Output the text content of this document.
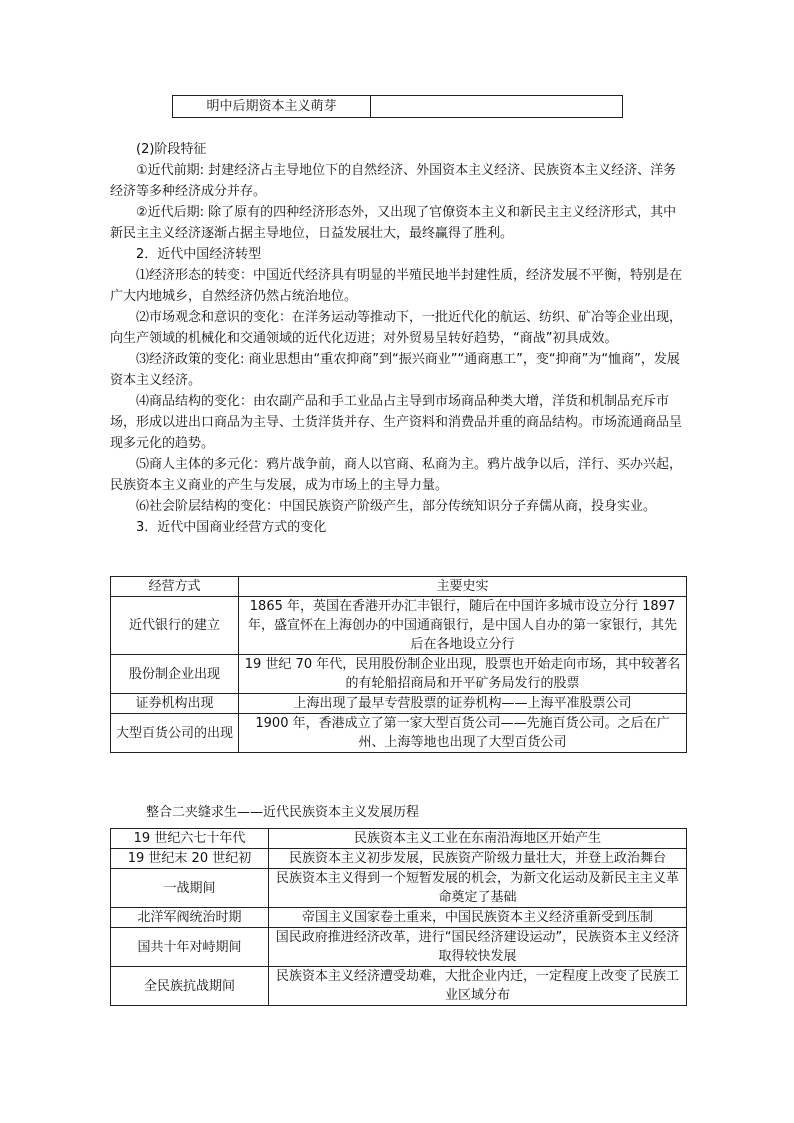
明中后期资本主义萌芽	

(2)阶段特征

①近代前期: 封建经济占主导地位下的自然经济、外国资本主义经济、民族资本主义经济、洋务经济等多种经济成分并存。

②近代后期: 除了原有的四种经济形态外，又出现了官僚资本主义和新民主主义经济形式，其中新民主主义经济逐渐占据主导地位，日益发展壮大，最终赢得了胜利。

2．近代中国经济转型

⑴经济形态的转变：中国近代经济具有明显的半殖民地半封建性质，经济发展不平衡，特别是在广大内地城乡，自然经济仍然占统治地位。

⑵市场观念和意识的变化：在洋务运动等推动下，一批近代化的航运、纺织、矿冶等企业出现，向生产领域的机械化和交通领域的近代化迈进；对外贸易呈转好趋势，“商战”初具成效。

⑶经济政策的变化: 商业思想由“重农抑商”到“振兴商业”“通商惠工”，变“抑商”为“恤商”，发展资本主义经济。

⑷商品结构的变化：由农副产品和手工业品占主导到市场商品种类大增，洋货和机制品充斥市场，形成以进出口商品为主导、土货洋货并存、生产资料和消费品并重的商品结构。市场流通商品呈现多元化的趋势。

⑸商人主体的多元化：鸦片战争前，商人以官商、私商为主。鸦片战争以后，洋行、买办兴起，民族资本主义商业的产生与发展，成为市场上的主导力量。

⑹社会阶层结构的变化：中国民族资产阶级产生，部分传统知识分子弃儒从商，投身实业。

3．近代中国商业经营方式的变化

经营方式	主要史实
近代银行的建立	1865 年，英国在香港开办汇丰银行，随后在中国许多城市设立分行 1897 年，盛宣怀在上海创办的中国通商银行，是中国人自办的第一家银行，其先后在各地设立分行
股份制企业出现	19 世纪 70 年代，民用股份制企业出现，股票也开始走向市场，其中较著名的有轮船招商局和开平矿务局发行的股票
证券机构出现	上海出现了最早专营股票的证券机构——上海平准股票公司
大型百货公司的出现	1900 年，香港成立了第一家大型百货公司——先施百货公司。之后在广州、上海等地也出现了大型百货公司
整合二夹缝求生——近代民族资本主义发展历程
19 世纪六七十年代	民族资本主义工业在东南沿海地区开始产生
19 世纪末 20 世纪初	民族资本主义初步发展，民族资产阶级力量壮大，并登上政治舞台
一战期间	民族资本主义得到一个短暂发展的机会，为新文化运动及新民主主义革命奠定了基础
北洋军阀统治时期	帝国主义国家卷土重来，中国民族资本主义经济重新受到压制
国共十年对峙期间	国民政府推进经济改革，进行“国民经济建设运动”，民族资本主义经济取得较快发展
全民族抗战期间	民族资本主义经济遭受劫难，大批企业内迁，一定程度上改变了民族工业区域分布
